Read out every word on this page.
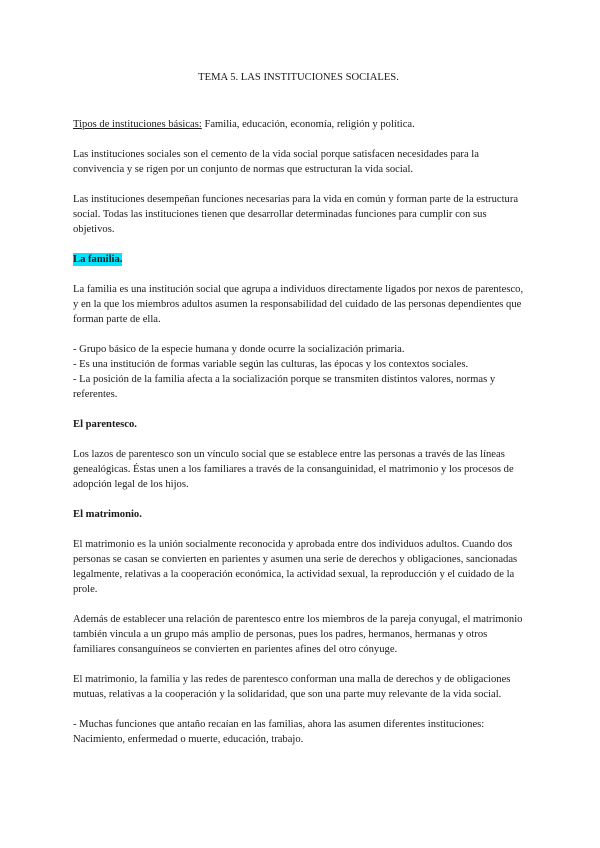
TEMA 5. LAS INSTITUCIONES SOCIALES.

Tipos de instituciones básicas: Familia, educación, economía, religión y política.

Las instituciones sociales son el cemento de la vida social porque satisfacen necesidades para la convivencia y se rigen por un conjunto de normas que estructuran la vida social.

Las instituciones desempeñan funciones necesarias para la vida en común y forman parte de la estructura social. Todas las instituciones tienen que desarrollar determinadas funciones para cumplir con sus objetivos.

La familia.

La familia es una institución social que agrupa a individuos directamente ligados por nexos de parentesco, y en la que los miembros adultos asumen la responsabilidad del cuidado de las personas dependientes que forman parte de ella.

- Grupo básico de la especie humana y donde ocurre la socialización primaria.

- Es una institución de formas variable según las culturas, las épocas y los contextos sociales.

- La posición de la familia afecta a la socialización porque se transmiten distintos valores, normas y referentes.

El parentesco.

Los lazos de parentesco son un vínculo social que se establece entre las personas a través de las líneas genealógicas. Éstas unen a los familiares a través de la consanguinidad, el matrimonio y los procesos de adopción legal de los hijos.

El matrimonio.

El matrimonio es la unión socialmente reconocida y aprobada entre dos individuos adultos. Cuando dos personas se casan se convierten en parientes y asumen una serie de derechos y obligaciones, sancionadas legalmente, relativas a la cooperación económica, la actividad sexual, la reproducción y el cuidado de la prole.

Además de establecer una relación de parentesco entre los miembros de la pareja conyugal, el matrimonio también vincula a un grupo más amplio de personas, pues los padres, hermanos, hermanas y otros familiares consanguíneos se convierten en parientes afines del otro cónyuge.

El matrimonio, la familia y las redes de parentesco conforman una malla de derechos y de obligaciones mutuas, relativas a la cooperación y la solidaridad, que son una parte muy relevante de la vida social.

- Muchas funciones que antaño recaían en las familias, ahora las asumen diferentes instituciones: Nacimiento, enfermedad o muerte, educación, trabajo.
